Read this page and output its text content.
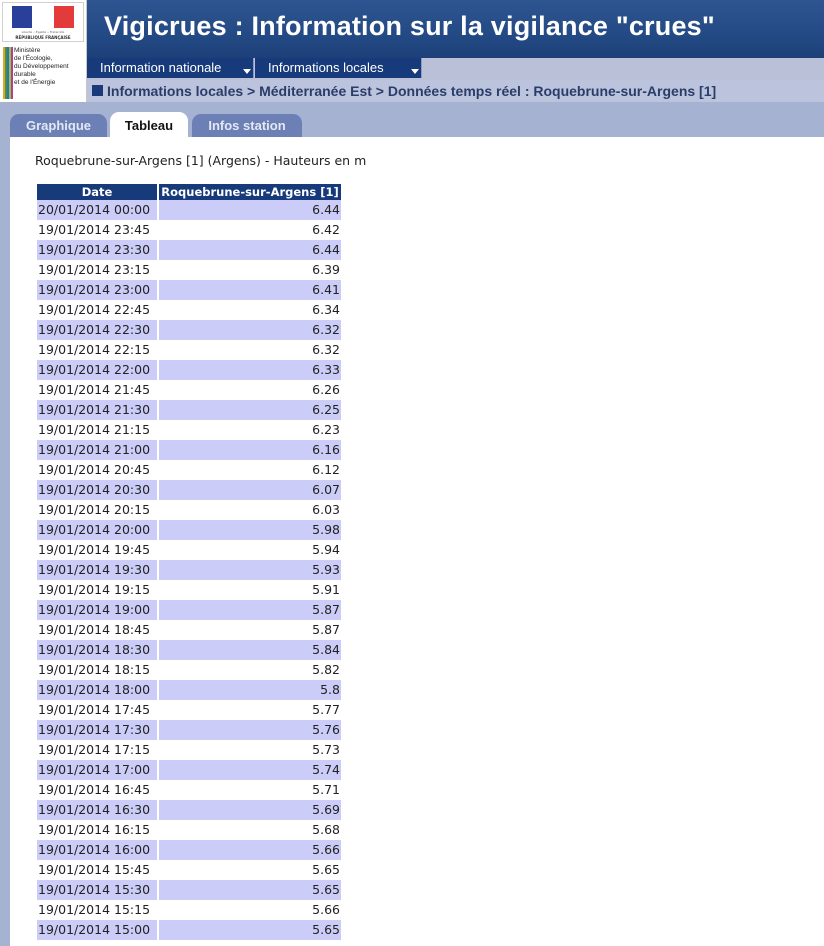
Vigicrues : Information sur la vigilance "crues"
Liberté • Égalité • Fraternité
RÉPUBLIQUE FRANÇAISE
Ministère
de l'Écologie,
du Développement
durable
et de l'Énergie
Information nationale	Informations locales
Informations locales > Méditerranée Est > Données temps réel : Roquebrune-sur-Argens [1]
Graphique	Tableau	Infos station
Roquebrune-sur-Argens [1] (Argens) - Hauteurs en m
Date	Roquebrune-sur-Argens [1]
20/01/2014 00:00	6.44
19/01/2014 23:45	6.42
19/01/2014 23:30	6.44
19/01/2014 23:15	6.39
19/01/2014 23:00	6.41
19/01/2014 22:45	6.34
19/01/2014 22:30	6.32
19/01/2014 22:15	6.32
19/01/2014 22:00	6.33
19/01/2014 21:45	6.26
19/01/2014 21:30	6.25
19/01/2014 21:15	6.23
19/01/2014 21:00	6.16
19/01/2014 20:45	6.12
19/01/2014 20:30	6.07
19/01/2014 20:15	6.03
19/01/2014 20:00	5.98
19/01/2014 19:45	5.94
19/01/2014 19:30	5.93
19/01/2014 19:15	5.91
19/01/2014 19:00	5.87
19/01/2014 18:45	5.87
19/01/2014 18:30	5.84
19/01/2014 18:15	5.82
19/01/2014 18:00	5.8
19/01/2014 17:45	5.77
19/01/2014 17:30	5.76
19/01/2014 17:15	5.73
19/01/2014 17:00	5.74
19/01/2014 16:45	5.71
19/01/2014 16:30	5.69
19/01/2014 16:15	5.68
19/01/2014 16:00	5.66
19/01/2014 15:45	5.65
19/01/2014 15:30	5.65
19/01/2014 15:15	5.66
19/01/2014 15:00	5.65
